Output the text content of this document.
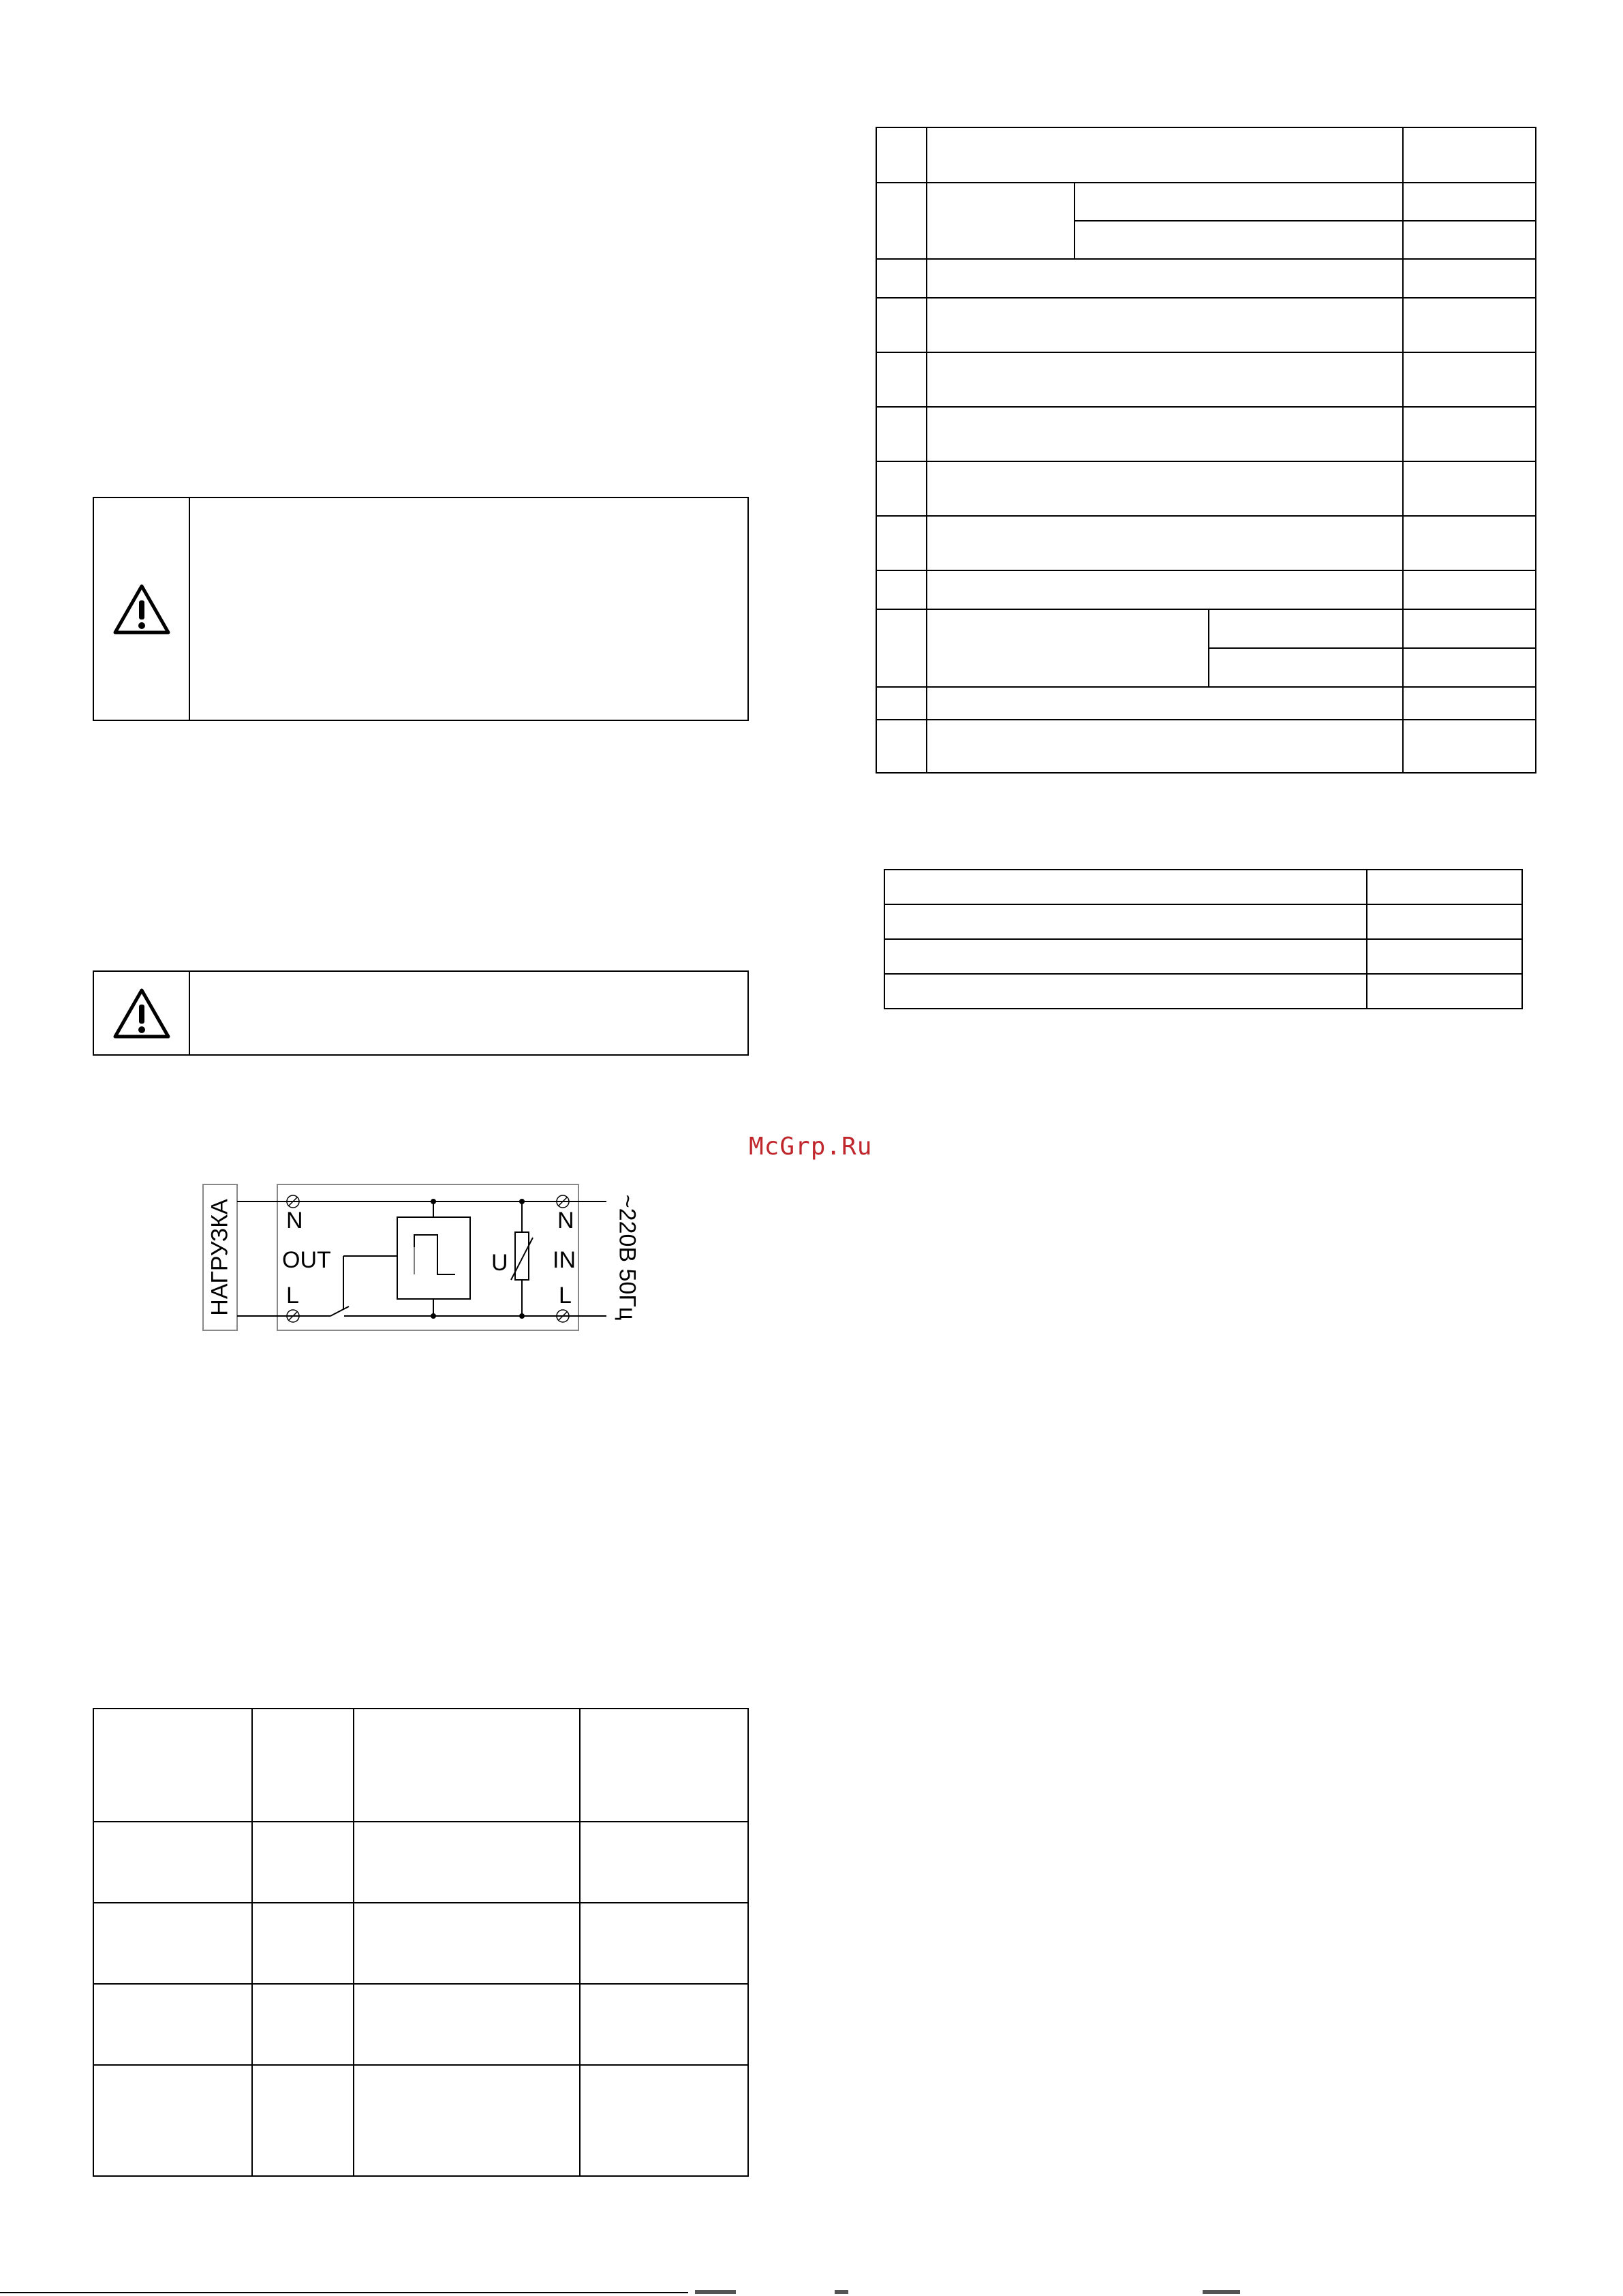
McGrp.Ru
НАГРУЗКА N
OUT
L
N
IN
L
U	~220В 50Гц
